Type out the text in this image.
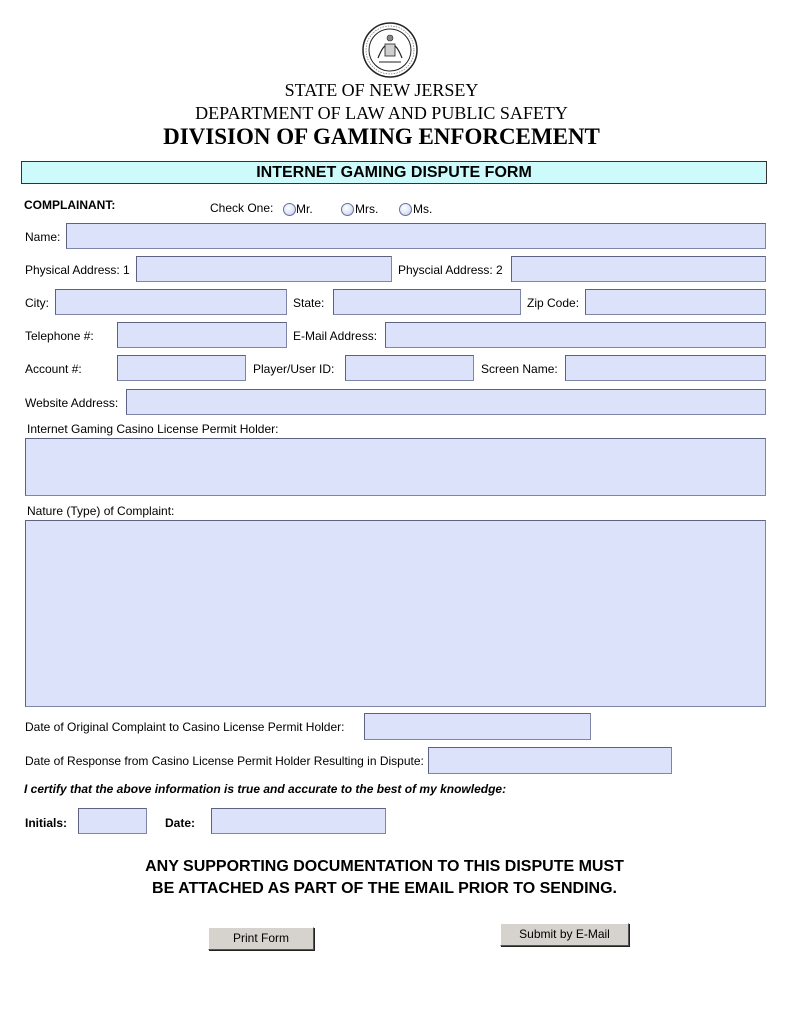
STATE OF NEW JERSEY
DEPARTMENT OF LAW AND PUBLIC SAFETY
DIVISION OF GAMING ENFORCEMENT
INTERNET GAMING DISPUTE FORM
COMPLAINANT:	Check One: Mr.	Mrs.	Ms.
Name:
Physical Address: 1	Physcial Address: 2
City:	State:	Zip Code:
Telephone #:	E-Mail Address:
Account #:	Player/User ID:	Screen Name:
Website Address:
Internet Gaming Casino License Permit Holder:
Nature (Type) of Complaint:
Date of Original Complaint to Casino License Permit Holder:
Date of Response from Casino License Permit Holder Resulting in Dispute:
I certify that the above information is true and accurate to the best of my knowledge:
Initials:	Date:
ANY SUPPORTING DOCUMENTATION TO THIS DISPUTE MUST
BE ATTACHED AS PART OF THE EMAIL PRIOR TO SENDING.
Print Form	Submit by E-Mail
